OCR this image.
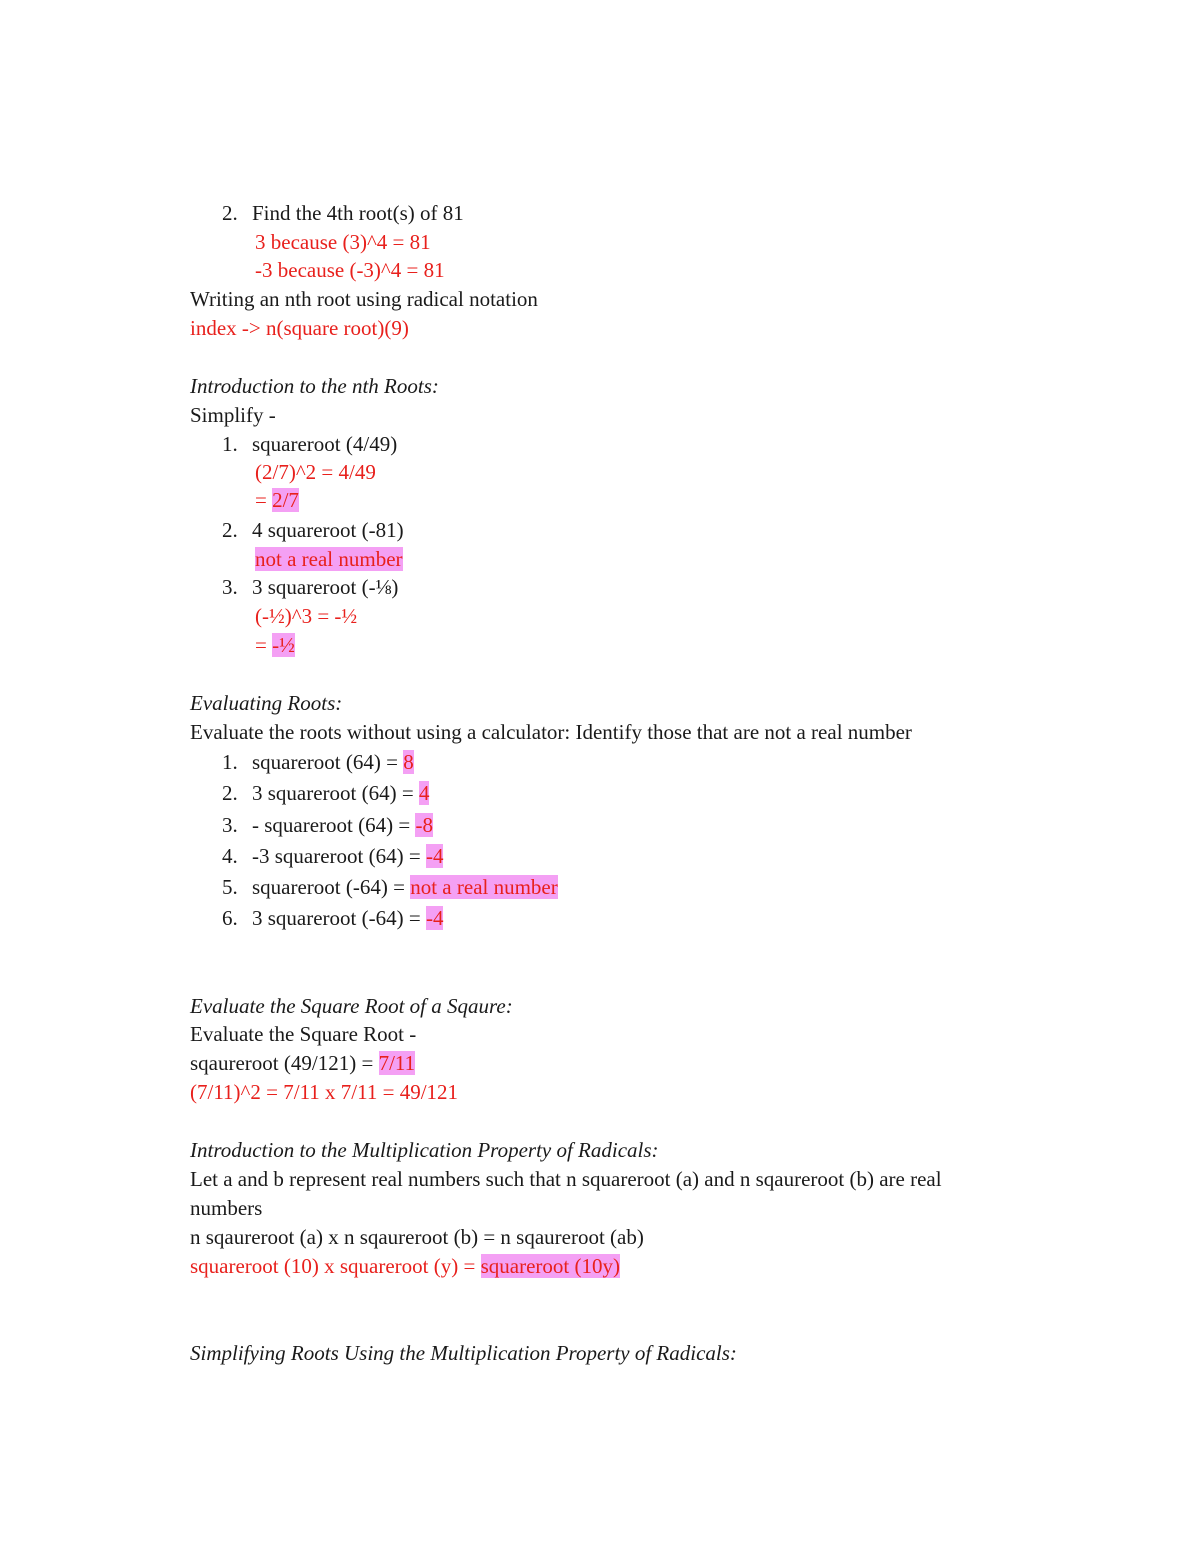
2. Find the 4th root(s) of 81
3 because (3)^4 = 81
-3 because (-3)^4 = 81
Writing an nth root using radical notation
index -> n(square root)(9)
Introduction to the nth Roots:
Simplify -
1. squareroot (4/49)
(2/7)^2 = 4/49
= 2/7
2. 4 squareroot (-81)
not a real number
3. 3 squareroot (-⅛)
(-½)^3 = -½
= -½
Evaluating Roots:
Evaluate the roots without using a calculator: Identify those that are not a real number
1. squareroot (64) = 8
2. 3 squareroot (64) = 4
3. - squareroot (64) = -8
4. -3 squareroot (64) = -4
5. squareroot (-64) = not a real number
6. 3 squareroot (-64) = -4
Evaluate the Square Root of a Sqaure:
Evaluate the Square Root -
sqaureroot (49/121) = 7/11
(7/11)^2 = 7/11 x 7/11 = 49/121
Introduction to the Multiplication Property of Radicals:
Let a and b represent real numbers such that n squareroot (a) and n sqaureroot (b) are real
numbers
n sqaureroot (a) x n sqaureroot (b) = n sqaureroot (ab)
squareroot (10) x squareroot (y) = squareroot (10y)
Simplifying Roots Using the Multiplication Property of Radicals:
